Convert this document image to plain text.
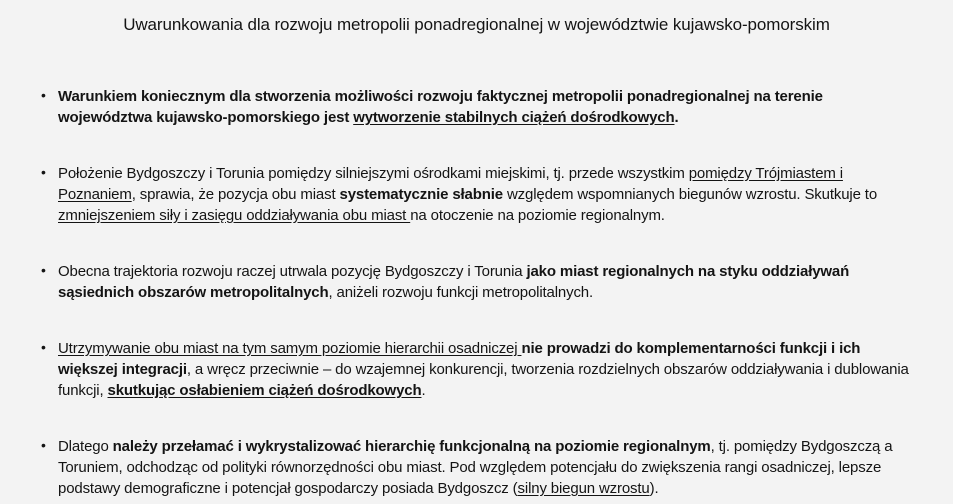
Uwarunkowania dla rozwoju metropolii ponadregionalnej w województwie kujawsko-pomorskim
• Warunkiem koniecznym dla stworzenia możliwości rozwoju faktycznej metropolii ponadregionalnej na terenie województwa kujawsko-pomorskiego jest wytworzenie stabilnych ciążeń dośrodkowych.
• Położenie Bydgoszczy i Torunia pomiędzy silniejszymi ośrodkami miejskimi, tj. przede wszystkim pomiędzy Trójmiastem i Poznaniem, sprawia, że pozycja obu miast systematycznie słabnie względem wspomnianych biegunów wzrostu. Skutkuje to zmniejszeniem siły i zasięgu oddziaływania obu miast na otoczenie na poziomie regionalnym.
• Obecna trajektoria rozwoju raczej utrwala pozycję Bydgoszczy i Torunia jako miast regionalnych na styku oddziaływań sąsiednich obszarów metropolitalnych, aniżeli rozwoju funkcji metropolitalnych.
• Utrzymywanie obu miast na tym samym poziomie hierarchii osadniczej nie prowadzi do komplementarności funkcji i ich większej integracji, a wręcz przeciwnie – do wzajemnej konkurencji, tworzenia rozdzielnych obszarów oddziaływania i dublowania funkcji, skutkując osłabieniem ciążeń dośrodkowych.
• Dlatego należy przełamać i wykrystalizować hierarchię funkcjonalną na poziomie regionalnym, tj. pomiędzy Bydgoszczą a Toruniem, odchodząc od polityki równorzędności obu miast. Pod względem potencjału do zwiększenia rangi osadniczej, lepsze podstawy demograficzne i potencjał gospodarczy posiada Bydgoszcz (silny biegun wzrostu).
